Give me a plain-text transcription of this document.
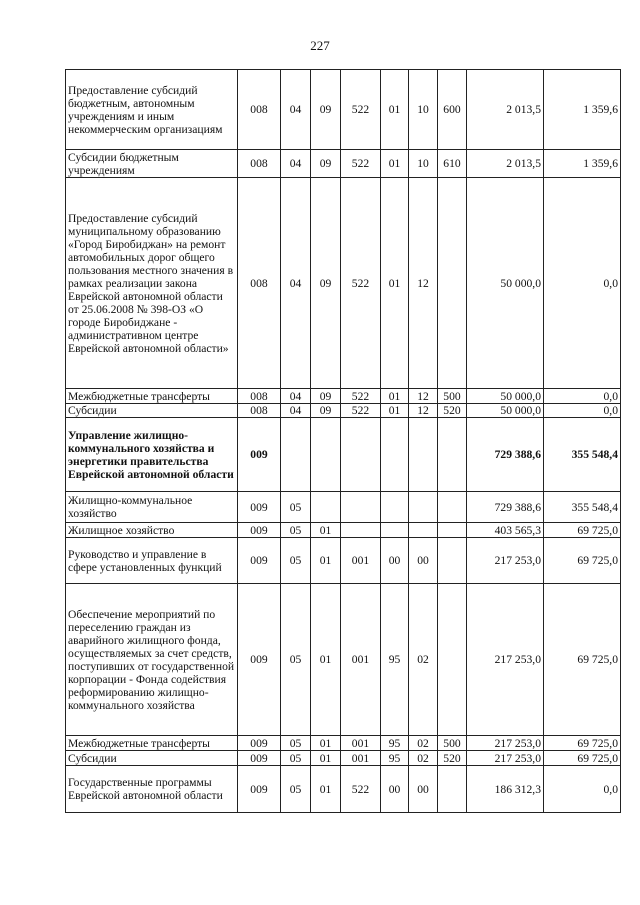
227
Предоставление субсидий бюджетным, автономным учреждениям и иным некоммерческим организациям	008	04	09	522	01	10	600	2 013,5	1 359,6
Субсидии бюджетным учреждениям	008	04	09	522	01	10	610	2 013,5	1 359,6
Предоставление субсидий муниципальному образованию «Город Биробиджан» на ремонт автомобильных дорог общего пользования местного значения в рамках реализации закона Еврейской автономной области от 25.06.2008 № 398-ОЗ «О городе Биробиджане - административном центре Еврейской автономной области»	008	04	09	522	01	12		50 000,0	0,0
Межбюджетные трансферты	008	04	09	522	01	12	500	50 000,0	0,0
Субсидии	008	04	09	522	01	12	520	50 000,0	0,0
Управление жилищно-коммунального хозяйства и энергетики правительства Еврейской автономной области	009							729 388,6	355 548,4
Жилищно-коммунальное хозяйство	009	05						729 388,6	355 548,4
Жилищное хозяйство	009	05	01					403 565,3	69 725,0
Руководство и управление в сфере установленных функций	009	05	01	001	00	00		217 253,0	69 725,0
Обеспечение мероприятий по переселению граждан из аварийного жилищного фонда, осуществляемых за счет средств, поступивших от государственной корпорации - Фонда содействия реформированию жилищно-коммунального хозяйства	009	05	01	001	95	02		217 253,0	69 725,0
Межбюджетные трансферты	009	05	01	001	95	02	500	217 253,0	69 725,0
Субсидии	009	05	01	001	95	02	520	217 253,0	69 725,0
Государственные программы Еврейской автономной области	009	05	01	522	00	00		186 312,3	0,0
